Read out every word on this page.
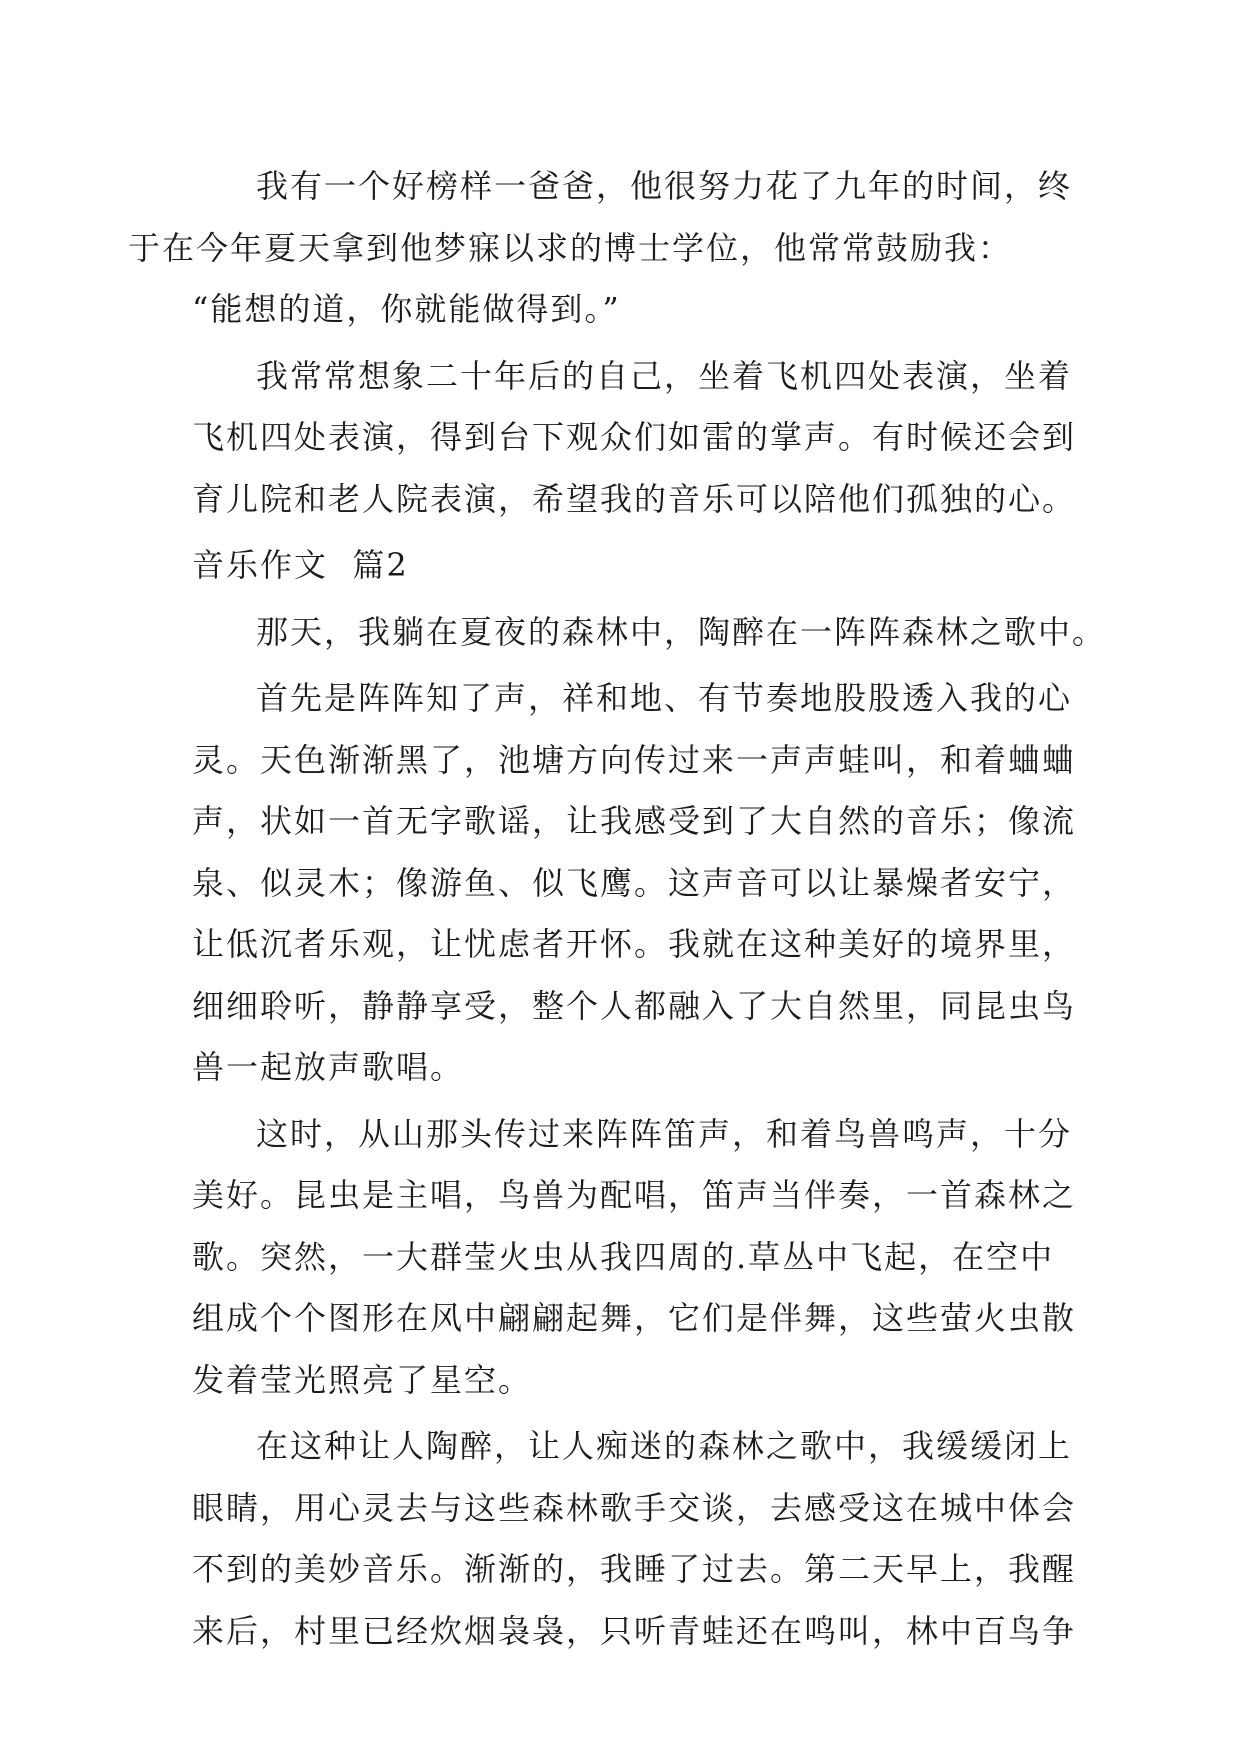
我有一个好榜样一爸爸，他很努力花了九年的时间，终
于在今年夏天拿到他梦寐以求的博士学位，他常常鼓励我：
“能想的道，你就能做得到。”
我常常想象二十年后的自己，坐着飞机四处表演，坐着
飞机四处表演，得到台下观众们如雷的掌声。有时候还会到
育儿院和老人院表演，希望我的音乐可以陪他们孤独的心。
音乐作文  篇2
那天，我躺在夏夜的森林中，陶醉在一阵阵森林之歌中。
首先是阵阵知了声，祥和地、有节奏地股股透入我的心
灵。天色渐渐黑了，池塘方向传过来一声声蛙叫，和着蛐蛐
声，状如一首无字歌谣，让我感受到了大自然的音乐；像流
泉、似灵木；像游鱼、似飞鹰。这声音可以让暴燥者安宁，
让低沉者乐观，让忧虑者开怀。我就在这种美好的境界里，
细细聆听，静静享受，整个人都融入了大自然里，同昆虫鸟
兽一起放声歌唱。
这时，从山那头传过来阵阵笛声，和着鸟兽鸣声，十分
美好。昆虫是主唱，鸟兽为配唱，笛声当伴奏，一首森林之
歌。突然，一大群莹火虫从我四周的.草丛中飞起，在空中
组成个个图形在风中翩翩起舞，它们是伴舞，这些萤火虫散
发着莹光照亮了星空。
在这种让人陶醉，让人痴迷的森林之歌中，我缓缓闭上
眼睛，用心灵去与这些森林歌手交谈，去感受这在城中体会
不到的美妙音乐。渐渐的，我睡了过去。第二天早上，我醒
来后，村里已经炊烟袅袅，只听青蛙还在鸣叫，林中百鸟争
